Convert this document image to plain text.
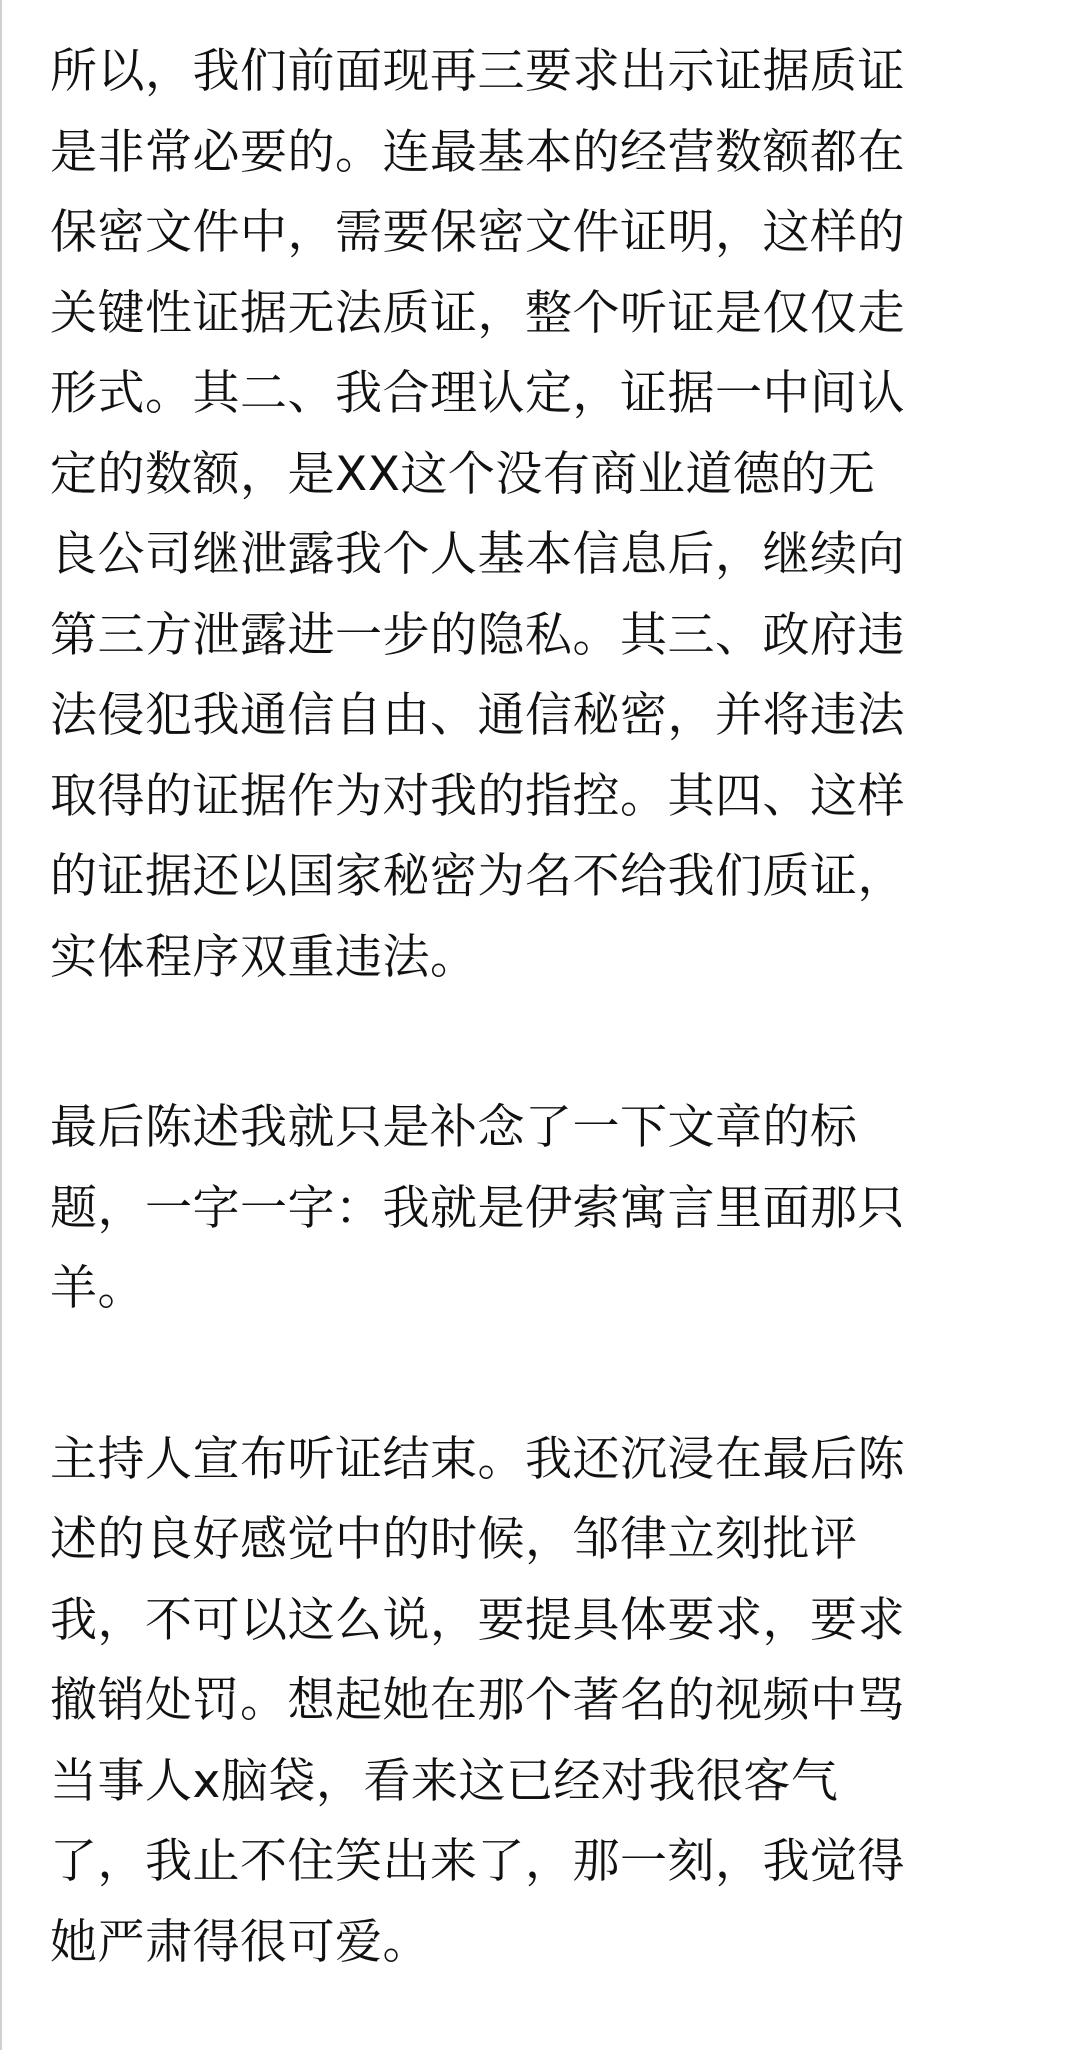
所以，我们前面现再三要求出示证据质证
是非常必要的。连最基本的经营数额都在
保密文件中，需要保密文件证明，这样的
关键性证据无法质证，整个听证是仅仅走
形式。其二、我合理认定，证据一中间认
定的数额，是XX这个没有商业道德的无
良公司继泄露我个人基本信息后，继续向
第三方泄露进一步的隐私。其三、政府违
法侵犯我通信自由、通信秘密，并将违法
取得的证据作为对我的指控。其四、这样
的证据还以国家秘密为名不给我们质证，
实体程序双重违法。
最后陈述我就只是补念了一下文章的标
题，一字一字：我就是伊索寓言里面那只
羊。
主持人宣布听证结束。我还沉浸在最后陈
述的良好感觉中的时候，邹律立刻批评
我，不可以这么说，要提具体要求，要求
撤销处罚。想起她在那个著名的视频中骂
当事人x脑袋，看来这已经对我很客气
了，我止不住笑出来了，那一刻，我觉得
她严肃得很可爱。
